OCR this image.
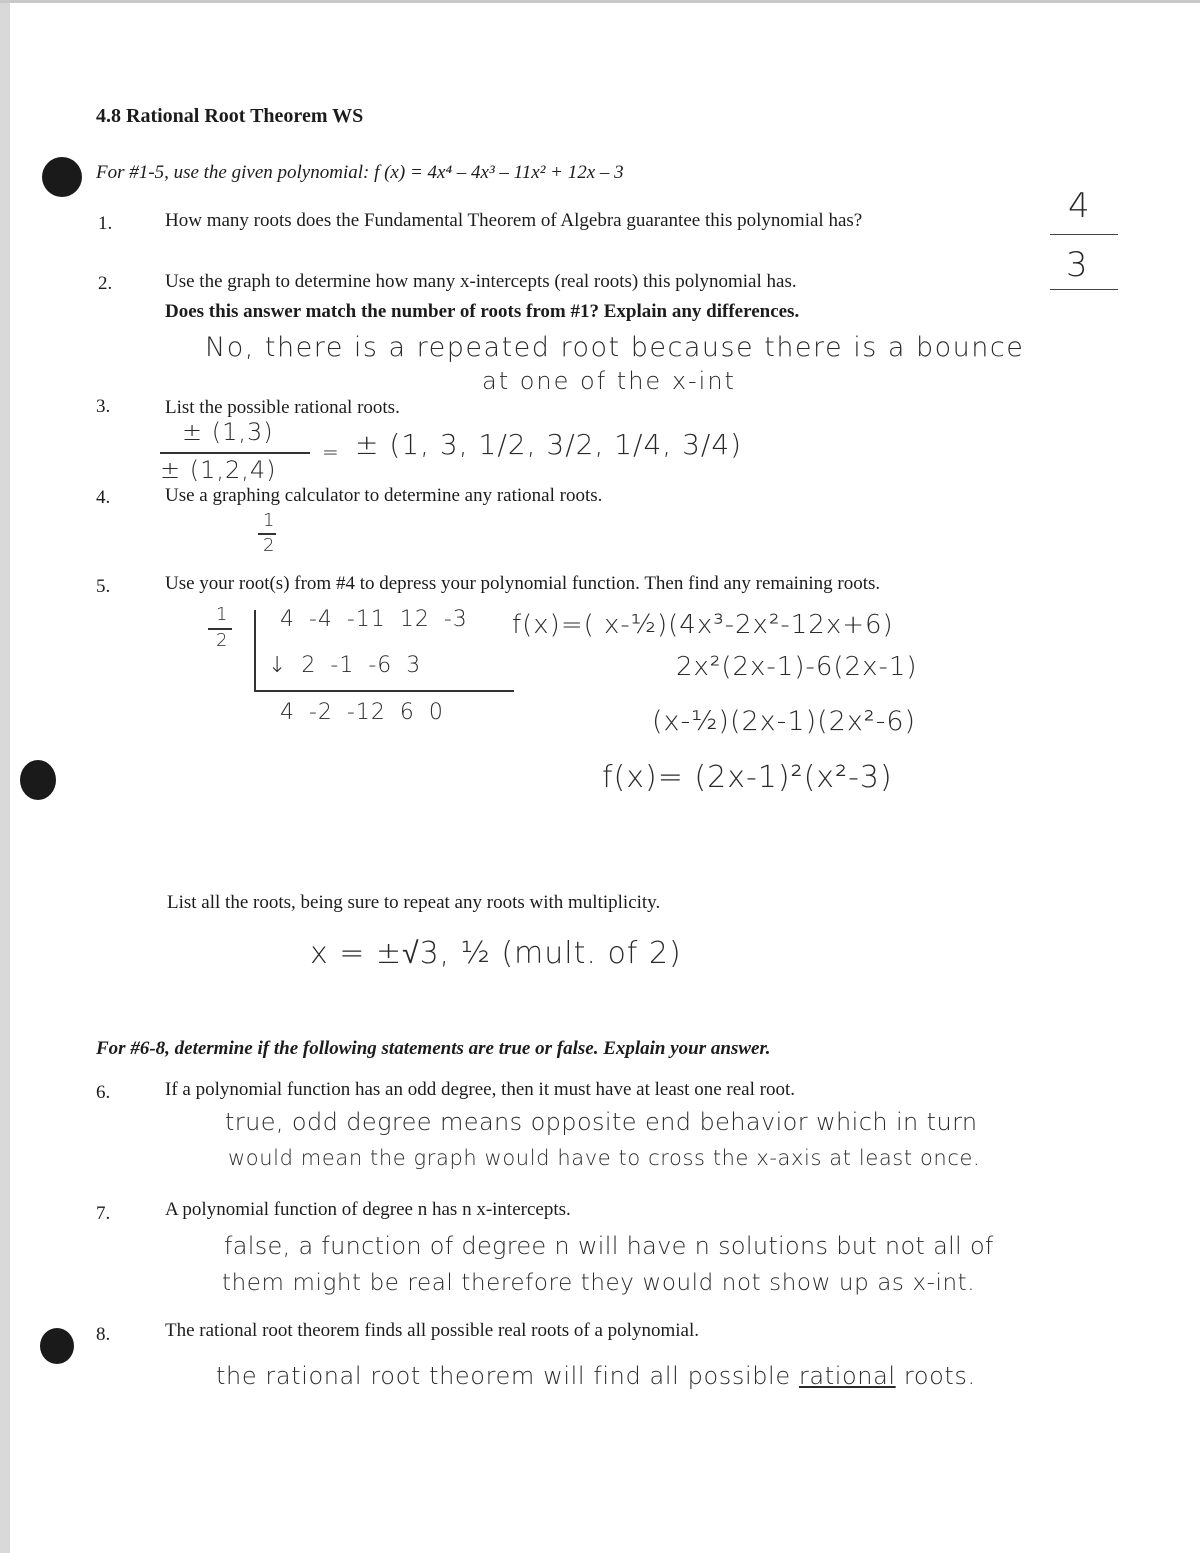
4.8 Rational Root Theorem WS
For #1-5, use the given polynomial: f (x) = 4x⁴ – 4x³ – 11x² + 12x – 3
1.	How many roots does the Fundamental Theorem of Algebra guarantee this polynomial has?	4
2.	Use the graph to determine how many x-intercepts (real roots) this polynomial has.
Does this answer match the number of roots from #1? Explain any differences.
3
No, there is a repeated root because there is a bounce
at one of the x-int
3.	List the possible rational roots.
± (1,3)
± (1,2,4)
= ± (1, 3, 1/2, 3/2, 1/4, 3/4)
4.	Use a graphing calculator to determine any rational roots.
1
2
5.	Use your root(s) from #4 to depress your polynomial function. Then find any remaining roots.
1
2
4 -4 -11 12 -3
↓ 2 -1 -6 3
4 -2 -12 6 0
f(x)=( x-½)(4x³-2x²-12x+6)
2x²(2x-1)-6(2x-1)
(x-½)(2x-1)(2x²-6)
f(x)= (2x-1)²(x²-3)
List all the roots, being sure to repeat any roots with multiplicity.
x = ±√3, ½ (mult. of 2)
For #6-8, determine if the following statements are true or false. Explain your answer.
6.	If a polynomial function has an odd degree, then it must have at least one real root.
true, odd degree means opposite end behavior which in turn
would mean the graph would have to cross the x-axis at least once.
7.	A polynomial function of degree n has n x-intercepts.
false, a function of degree n will have n solutions but not all of
them might be real therefore they would not show up as x-int.
8.	The rational root theorem finds all possible real roots of a polynomial.
the rational root theorem will find all possible rational roots.
